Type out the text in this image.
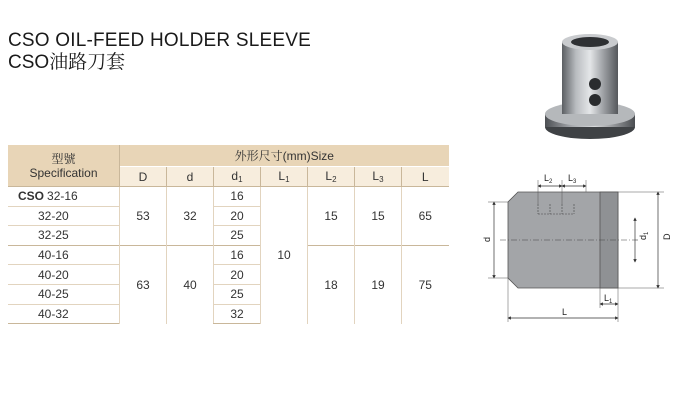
CSO OIL-FEED HOLDER SLEEVE
CSO油路刀套
型號
Specification	外形尺寸(mm)Size						
	D	d	$d_1$	$L_1$	$L_2$	$L_3$	L
CSO 32-16	53	32	16	10	15	15	65
32-20			20				
32-25			25				
40-16	63	40	16		18	19	75
40-20			20				
40-25			25				
40-32			32				
$L_2$ $L_3$
d	$d_1$
D
$L_1$
L
